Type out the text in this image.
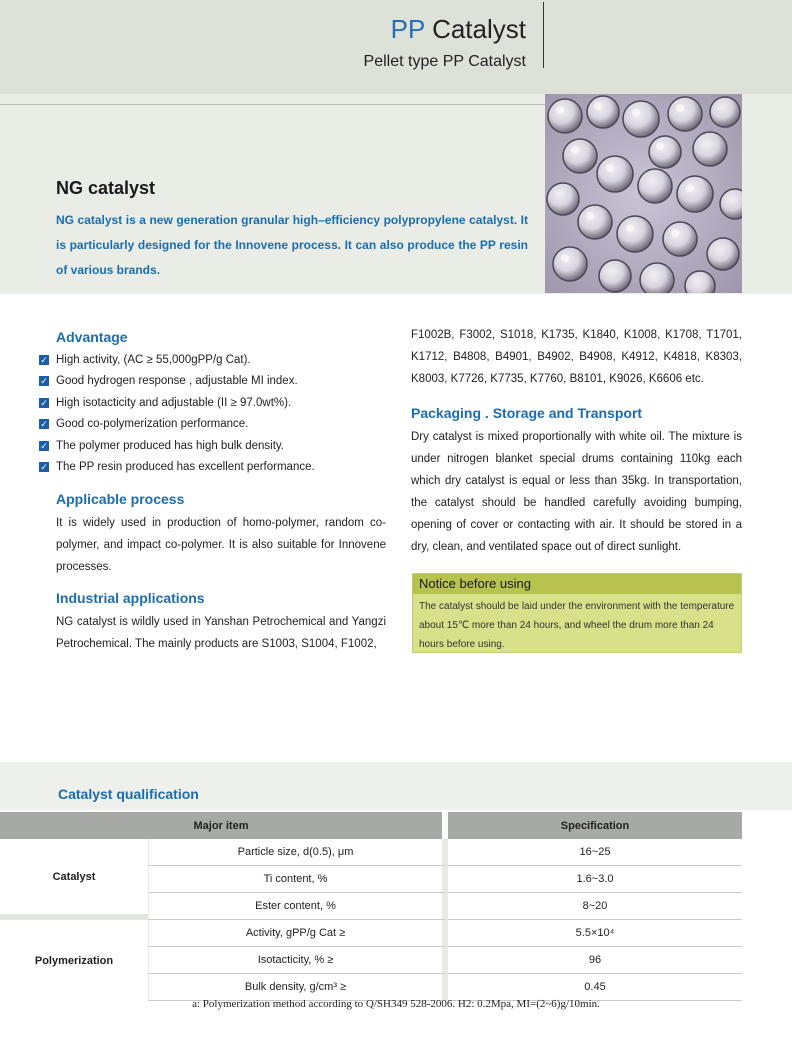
PP Catalyst
Pellet type PP Catalyst
NG catalyst
NG catalyst is a new generation granular high–efficiency polypropylene catalyst. It is particularly designed for the Innovene process. It can also produce the PP resin of various brands.
Advantage
✓ High activity, (AC ≥ 55,000gPP/g Cat).
✓ Good hydrogen response , adjustable MI index.
✓ High isotacticity and adjustable (II ≥ 97.0wt%).
✓ Good co-polymerization performance.
✓ The polymer produced has high bulk density.
✓ The PP resin produced has excellent performance.
Applicable process
It is widely used in production of homo-polymer, random co-polymer, and impact co-polymer. It is also suitable for Innovene processes.
Industrial applications
NG catalyst is wildly used in Yanshan Petrochemical and Yangzi Petrochemical. The mainly products are S1003, S1004, F1002,
F1002B, F3002, S1018, K1735, K1840, K1008, K1708, T1701, K1712, B4808, B4901, B4902, B4908, K4912, K4818, K8303, K8003, K7726, K7735, K7760, B8101, K9026, K6606 etc.
Packaging . Storage and Transport
Dry catalyst is mixed proportionally with white oil. The mixture is under nitrogen blanket special drums containing 110kg each which dry catalyst is equal or less than 35kg. In transportation, the catalyst should be handled carefully avoiding bumping, opening of cover or contacting with air. It should be stored in a dry, clean, and ventilated space out of direct sunlight.
Notice before using
The catalyst should be laid under the environment with the temperature about 15℃ more than 24 hours, and wheel the drum more than 24 hours before using.
Catalyst qualification
Major item		Specification	
Catalyst	Particle size, d(0.5), μm	16~25	
	Ti content, %	1.6~3.0	
	Ester content, %	8~20	
Polymerization	Activity, gPP/g Cat ≥	5.5×10⁴	
	Isotacticity, % ≥	96	
	Bulk density, g/cm³ ≥	0.45	
a: Polymerization method according to Q/SH349 528-2006. H2: 0.2Mpa, MI=(2~6)g/10min.
